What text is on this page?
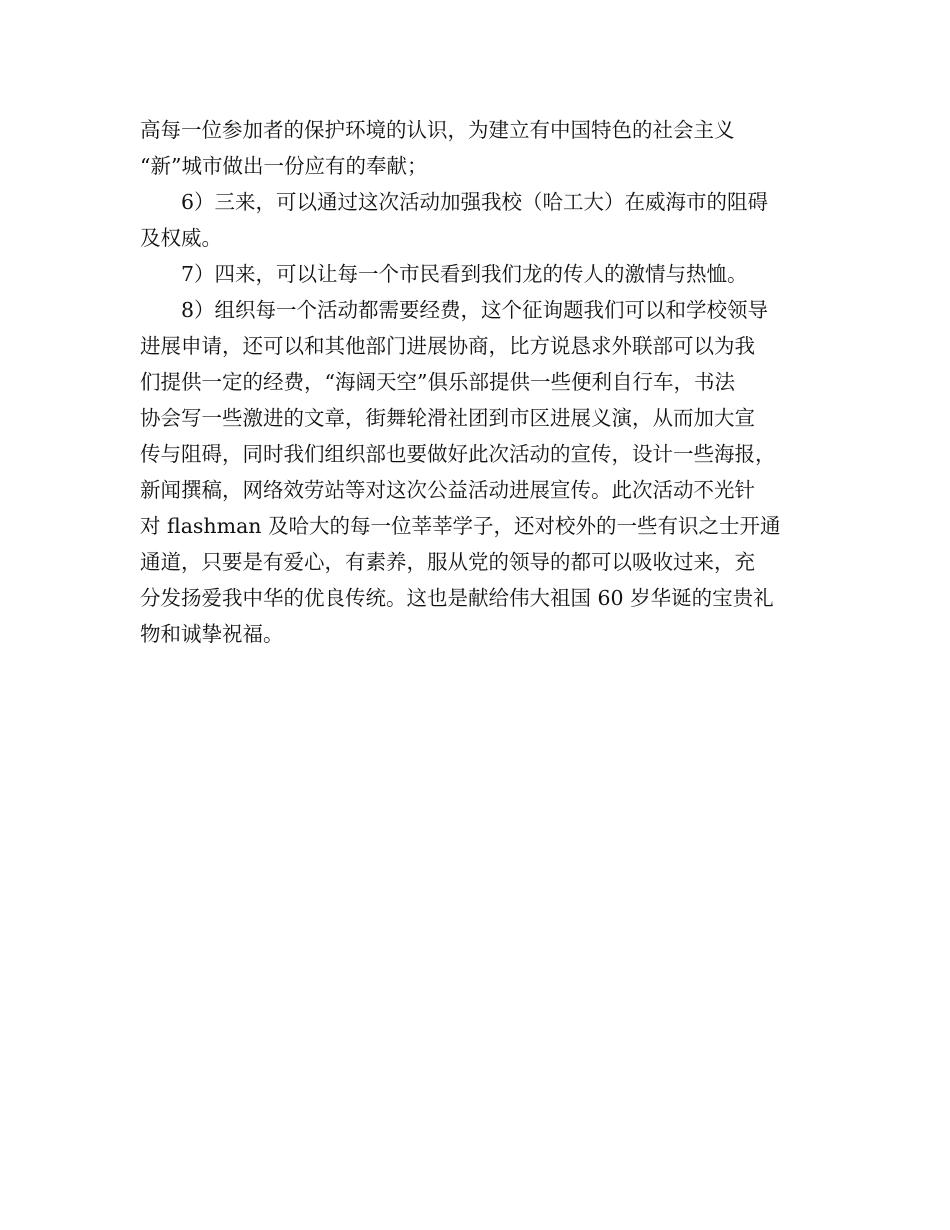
高每一位参加者的保护环境的认识，为建立有中国特色的社会主义
“新”城市做出一份应有的奉献；
6）三来，可以通过这次活动加强我校（哈工大）在威海市的阻碍
及权威。
7）四来，可以让每一个市民看到我们龙的传人的激情与热恤。
8）组织每一个活动都需要经费，这个征询题我们可以和学校领导
进展申请，还可以和其他部门进展协商，比方说恳求外联部可以为我
们提供一定的经费，“海阔天空”俱乐部提供一些便利自行车，书法
协会写一些激进的文章，街舞轮滑社团到市区进展义演，从而加大宣
传与阻碍，同时我们组织部也要做好此次活动的宣传，设计一些海报，
新闻撰稿，网络效劳站等对这次公益活动进展宣传。此次活动不光针
对 flashman 及哈大的每一位莘莘学子，还对校外的一些有识之士开通
通道，只要是有爱心，有素养，服从党的领导的都可以吸收过来，充
分发扬爱我中华的优良传统。这也是献给伟大祖国 60 岁华诞的宝贵礼
物和诚挚祝福。
